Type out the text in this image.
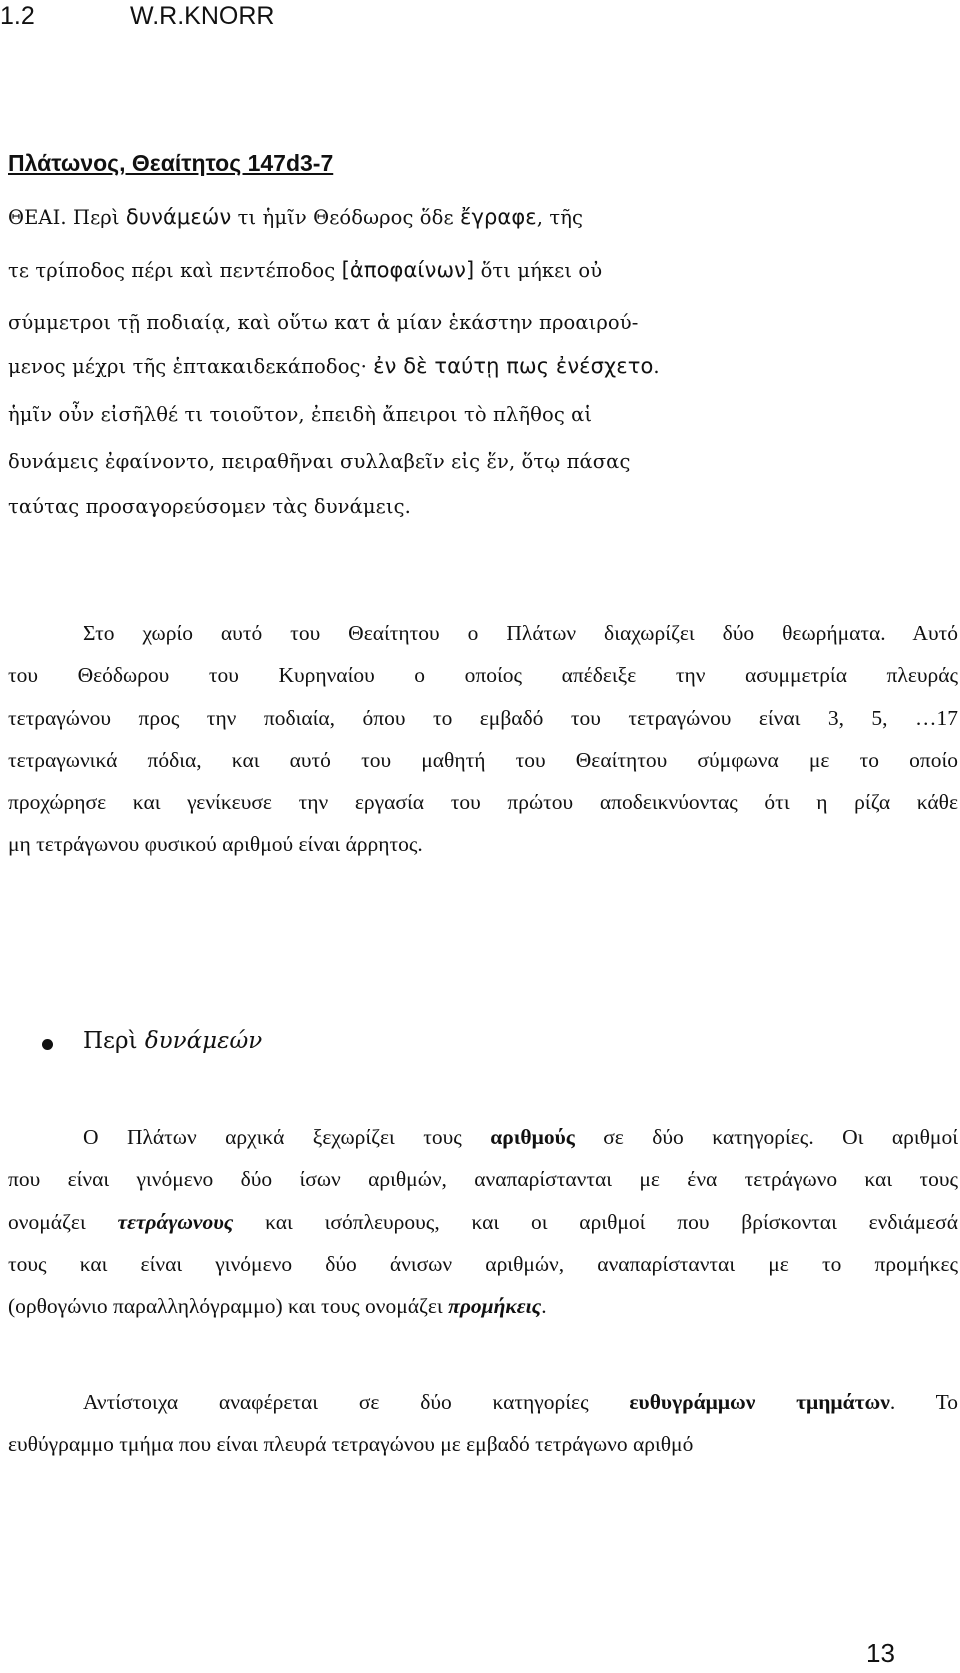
1.2	W.R.KNORR
Πλάτωνος, Θεαίτητος 147d3-7
ΘΕΑΙ. Περὶ δυνάμεών τι ἡμῖν Θεόδωρος ὅδε ἔγραφε, τῆς
τε τρίποδος πέρι καὶ πεντέποδος [ἀποφαίνων] ὅτι μήκει οὐ
σύμμετροι τῇ ποδιαίᾳ, καὶ οὕτω κατ ἁ μίαν ἑκάστην προαιρού-
μενος μέχρι τῆς ἑπτακαιδεκάποδος· ἐν δὲ ταύτῃ πως ἐνέσχετο.
ἡμῖν οὖν εἰσῆλθέ τι τοιοῦτον, ἐπειδὴ ἄπειροι τὸ πλῆθος αἱ
δυνάμεις ἐφαίνοντο, πειραθῆναι συλλαβεῖν εἰς ἕν, ὅτῳ πάσας
ταύτας προσαγορεύσομεν τὰς δυνάμεις.
Στο χωρίο αυτό του Θεαίτητου ο Πλάτων διαχωρίζει δύο θεωρήματα. Αυτό
του Θεόδωρου του Κυρηναίου ο οποίος απέδειξε την ασυμμετρία πλευράς
τετραγώνου προς την ποδιαία, όπου το εμβαδό του τετραγώνου είναι 3, 5, …17
τετραγωνικά πόδια, και αυτό του μαθητή του Θεαίτητου σύμφωνα με το οποίο
προχώρησε και γενίκευσε την εργασία του πρώτου αποδεικνύοντας ότι η ρίζα κάθε
μη τετράγωνου φυσικού αριθμού είναι άρρητος.
Περὶ δυνάμεών
Ο Πλάτων αρχικά ξεχωρίζει τους αριθμούς σε δύο κατηγορίες. Οι αριθμοί
που είναι γινόμενο δύο ίσων αριθμών, αναπαρίστανται με ένα τετράγωνο και τους
ονομάζει τετράγωνους και ισόπλευρους, και οι αριθμοί που βρίσκονται ενδιάμεσά
τους και είναι γινόμενο δύο άνισων αριθμών, αναπαρίστανται με το προμήκες
(ορθογώνιο παραλληλόγραμμο) και τους ονομάζει προμήκεις.
Αντίστοιχα αναφέρεται σε δύο κατηγορίες ευθυγράμμων τμημάτων. Το
ευθύγραμμο τμήμα που είναι πλευρά τετραγώνου με εμβαδό τετράγωνο αριθμό
13
